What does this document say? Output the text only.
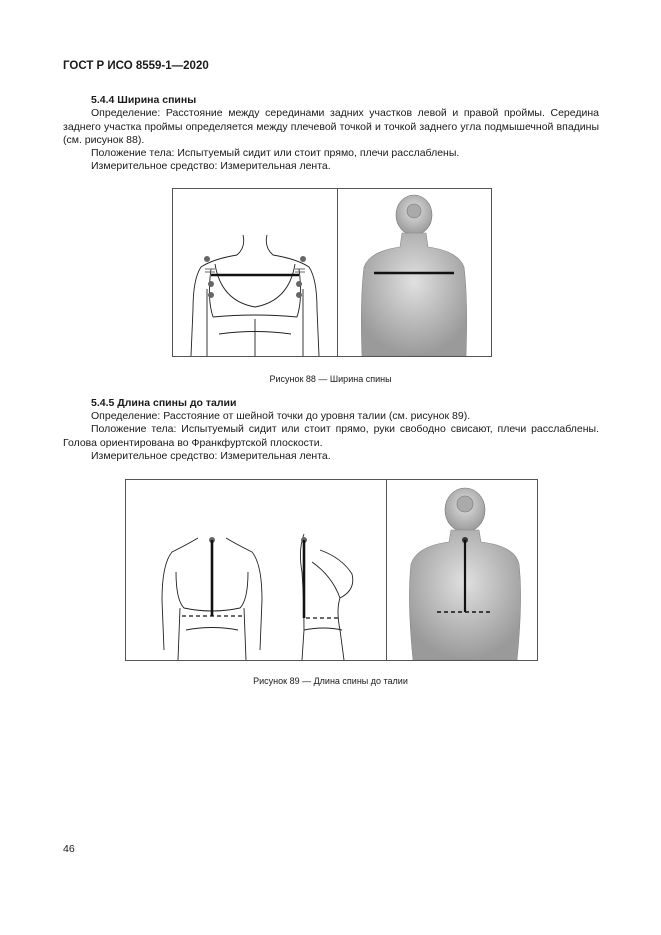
ГОСТ Р ИСО 8559-1—2020
5.4.4 Ширина спины
Определение: Расстояние между серединами задних участков левой и правой проймы. Середина заднего участка проймы определяется между плечевой точкой и точкой заднего угла подмышечной впадины (см. рисунок 88).
Положение тела: Испытуемый сидит или стоит прямо, плечи расслаблены.
Измерительное средство: Измерительная лента.
Рисунок 88 — Ширина спины
5.4.5 Длина спины до талии
Определение: Расстояние от шейной точки до уровня талии (см. рисунок 89).
Положение тела: Испытуемый сидит или стоит прямо, руки свободно свисают, плечи расслаблены. Голова ориентирована во Франкфуртской плоскости.
Измерительное средство: Измерительная лента.
Рисунок 89 — Длина спины до талии
46
